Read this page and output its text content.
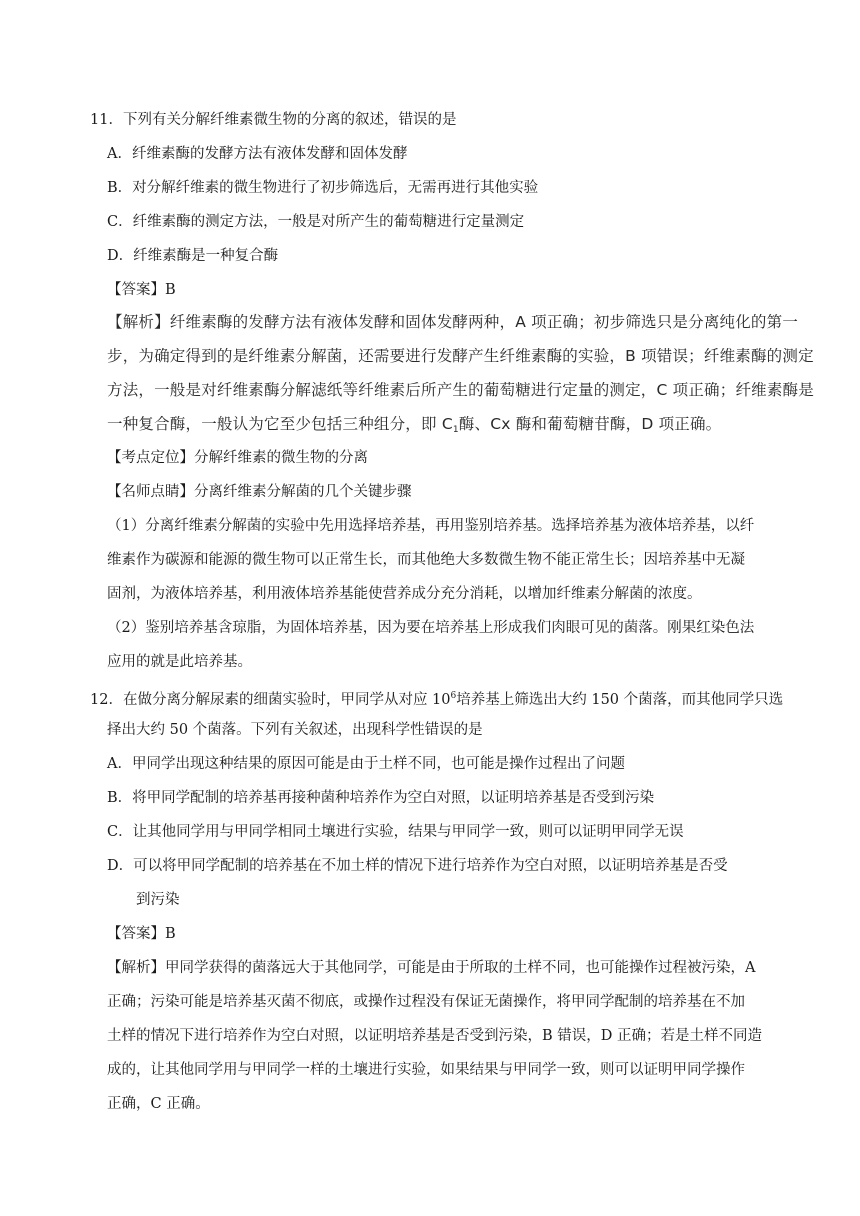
11．下列有关分解纤维素微生物的分离的叙述，错误的是
A．纤维素酶的发酵方法有液体发酵和固体发酵
B．对分解纤维素的微生物进行了初步筛选后，无需再进行其他实验
C．纤维素酶的测定方法，一般是对所产生的葡萄糖进行定量测定
D．纤维素酶是一种复合酶
【答案】B
【解析】纤维素酶的发酵方法有液体发酵和固体发酵两种，A 项正确；初步筛选只是分离纯化的第一
步，为确定得到的是纤维素分解菌，还需要进行发酵产生纤维素酶的实验，B 项错误；纤维素酶的测定
方法，一般是对纤维素酶分解滤纸等纤维素后所产生的葡萄糖进行定量的测定，C 项正确；纤维素酶是
一种复合酶，一般认为它至少包括三种组分，即 $C_1$酶、Cx 酶和葡萄糖苷酶，D 项正确。
【考点定位】分解纤维素的微生物的分离
【名师点睛】分离纤维素分解菌的几个关键步骤
（1）分离纤维素分解菌的实验中先用选择培养基，再用鉴别培养基。选择培养基为液体培养基，以纤
维素作为碳源和能源的微生物可以正常生长，而其他绝大多数微生物不能正常生长；因培养基中无凝
固剂，为液体培养基，利用液体培养基能使营养成分充分消耗，以增加纤维素分解菌的浓度。
（2）鉴别培养基含琼脂，为固体培养基，因为要在培养基上形成我们肉眼可见的菌落。刚果红染色法
应用的就是此培养基。
12．在做分离分解尿素的细菌实验时，甲同学从对应 $10^6$培养基上筛选出大约 150 个菌落，而其他同学只选
择出大约 50 个菌落。下列有关叙述，出现科学性错误的是
A．甲同学出现这种结果的原因可能是由于土样不同，也可能是操作过程出了问题
B．将甲同学配制的培养基再接种菌种培养作为空白对照，以证明培养基是否受到污染
C．让其他同学用与甲同学相同土壤进行实验，结果与甲同学一致，则可以证明甲同学无误
D．可以将甲同学配制的培养基在不加土样的情况下进行培养作为空白对照，以证明培养基是否受
到污染
【答案】B
【解析】甲同学获得的菌落远大于其他同学，可能是由于所取的土样不同，也可能操作过程被污染，A
正确；污染可能是培养基灭菌不彻底，或操作过程没有保证无菌操作，将甲同学配制的培养基在不加
土样的情况下进行培养作为空白对照，以证明培养基是否受到污染，B 错误，D 正确；若是土样不同造
成的，让其他同学用与甲同学一样的土壤进行实验，如果结果与甲同学一致，则可以证明甲同学操作
正确，C 正确。
